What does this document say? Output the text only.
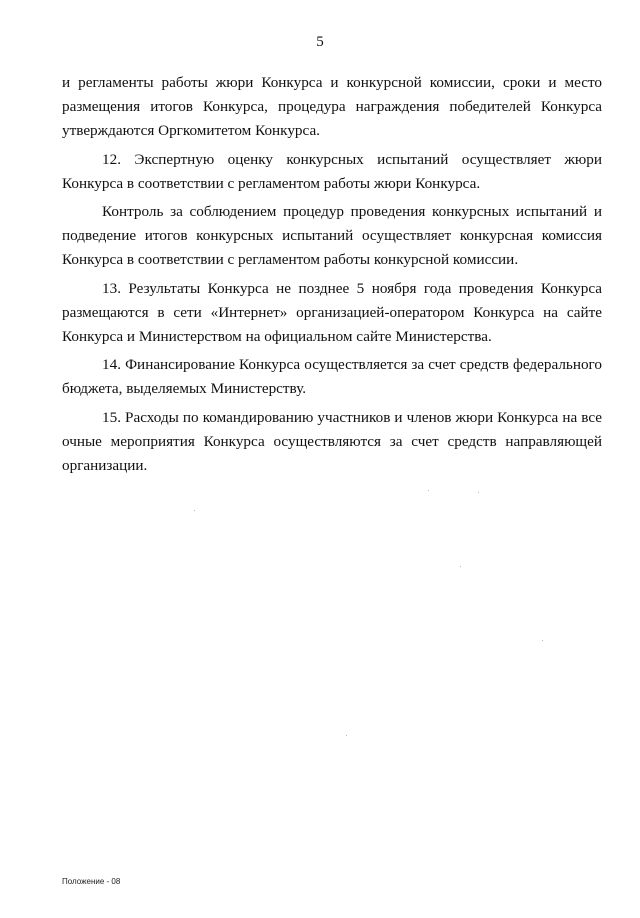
5

и регламенты работы жюри Конкурса и конкурсной комиссии, сроки и место размещения итогов Конкурса, процедура награждения победителей Конкурса утверждаются Оргкомитетом Конкурса.

12. Экспертную оценку конкурсных испытаний осуществляет жюри Конкурса в соответствии с регламентом работы жюри Конкурса.

Контроль за соблюдением процедур проведения конкурсных испытаний и подведение итогов конкурсных испытаний осуществляет конкурсная комиссия Конкурса в соответствии с регламентом работы конкурсной комиссии.

13. Результаты Конкурса не позднее 5 ноября года проведения Конкурса размещаются в сети «Интернет» организацией-оператором Конкурса на сайте Конкурса и Министерством на официальном сайте Министерства.

14. Финансирование Конкурса осуществляется за счет средств федерального бюджета, выделяемых Министерству.

15. Расходы по командированию участников и членов жюри Конкурса на все очные мероприятия Конкурса осуществляются за счет средств направляющей организации.

Положение - 08
